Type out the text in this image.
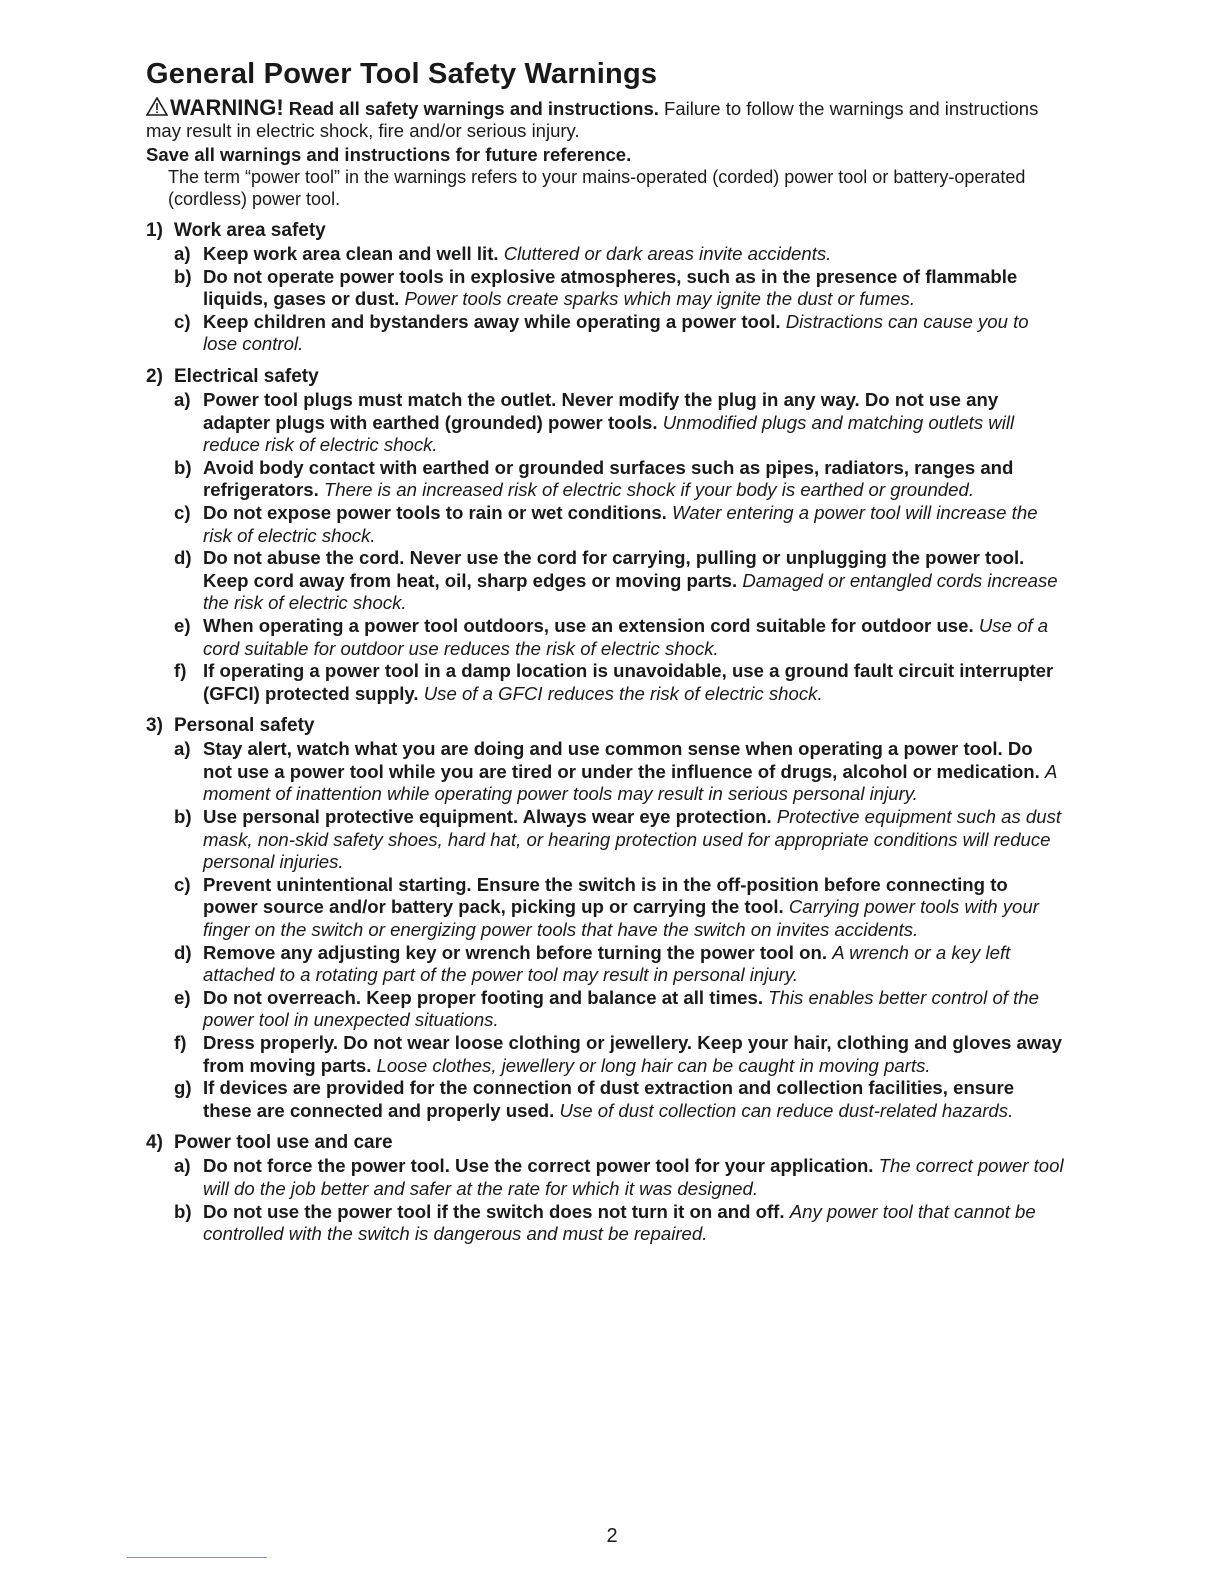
General Power Tool Safety Warnings
WARNING! Read all safety warnings and instructions. Failure to follow the warnings and instructions may result in electric shock, fire and/or serious injury.
Save all warnings and instructions for future reference.
The term “power tool” in the warnings refers to your mains-operated (corded) power tool or battery-operated (cordless) power tool.
1) Work area safety
a) Keep work area clean and well lit. Cluttered or dark areas invite accidents.
b) Do not operate power tools in explosive atmospheres, such as in the presence of flammable liquids, gases or dust. Power tools create sparks which may ignite the dust or fumes.
c) Keep children and bystanders away while operating a power tool. Distractions can cause you to lose control.
2) Electrical safety
a) Power tool plugs must match the outlet. Never modify the plug in any way. Do not use any adapter plugs with earthed (grounded) power tools. Unmodified plugs and matching outlets will reduce risk of electric shock.
b) Avoid body contact with earthed or grounded surfaces such as pipes, radiators, ranges and refrigerators. There is an increased risk of electric shock if your body is earthed or grounded.
c) Do not expose power tools to rain or wet conditions. Water entering a power tool will increase the risk of electric shock.
d) Do not abuse the cord. Never use the cord for carrying, pulling or unplugging the power tool. Keep cord away from heat, oil, sharp edges or moving parts. Damaged or entangled cords increase the risk of electric shock.
e) When operating a power tool outdoors, use an extension cord suitable for outdoor use. Use of a cord suitable for outdoor use reduces the risk of electric shock.
f) If operating a power tool in a damp location is unavoidable, use a ground fault circuit interrupter (GFCI) protected supply. Use of a GFCI reduces the risk of electric shock.
3) Personal safety
a) Stay alert, watch what you are doing and use common sense when operating a power tool. Do not use a power tool while you are tired or under the influence of drugs, alcohol or medication. A moment of inattention while operating power tools may result in serious personal injury.
b) Use personal protective equipment. Always wear eye protection. Protective equipment such as dust mask, non-skid safety shoes, hard hat, or hearing protection used for appropriate conditions will reduce personal injuries.
c) Prevent unintentional starting. Ensure the switch is in the off-position before connecting to power source and/or battery pack, picking up or carrying the tool. Carrying power tools with your finger on the switch or energizing power tools that have the switch on invites accidents.
d) Remove any adjusting key or wrench before turning the power tool on. A wrench or a key left attached to a rotating part of the power tool may result in personal injury.
e) Do not overreach. Keep proper footing and balance at all times. This enables better control of the power tool in unexpected situations.
f) Dress properly. Do not wear loose clothing or jewellery. Keep your hair, clothing and gloves away from moving parts. Loose clothes, jewellery or long hair can be caught in moving parts.
g) If devices are provided for the connection of dust extraction and collection facilities, ensure these are connected and properly used. Use of dust collection can reduce dust-related hazards.
4) Power tool use and care
a) Do not force the power tool. Use the correct power tool for your application. The correct power tool will do the job better and safer at the rate for which it was designed.
b) Do not use the power tool if the switch does not turn it on and off. Any power tool that cannot be controlled with the switch is dangerous and must be repaired.
2
